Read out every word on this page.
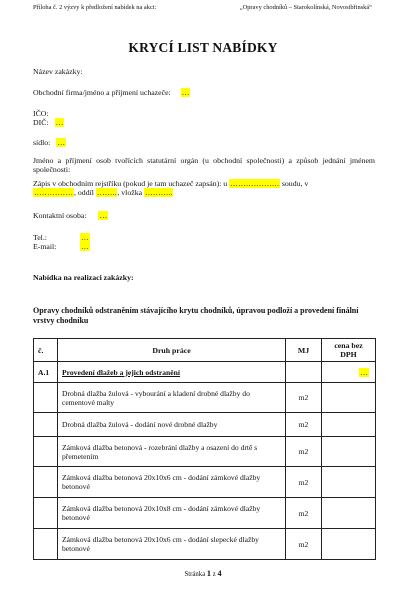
Příloha č. 2 výzvy k předložení nabídek na akci:	„Opravy chodníků – Starokolínská, Novosibřinská“
KRYCÍ LIST NABÍDKY
Název zakázky:
Obchodní firma/jméno a příjmení uchazeče: …
IČO:
DIČ: …
sídlo: …
Jméno a příjmení osob tvořících statutární orgán (u obchodní společnosti) a způsob jednání jménem společnosti:
Zápis v obchodním rejstříku (pokud je tam uchazeč zapsán): u ………………. soudu, v
……………, oddíl …….., vložka ………..
Kontaktní osoba: …
Tel.:	…
E-mail:	…
Nabídka na realizaci zakázky:
Opravy chodníků odstraněním stávajícího krytu chodníků, úpravou podloží a provedení finální vrstvy chodníku
č.	Druh práce	MJ	cena bez DPH
A.1	Provedení dlažeb a jejich odstranění		…
	Drobná dlažba žulová - vybourání a kladení drobné dlažby do cementové malty	m2	
	Drobná dlažba žulová - dodání nové drobné dlažby	m2	
	Zámková dlažba betonová - rozebrání dlažby a osazení do drtě s přemetením	m2	
	Zámková dlažba betonová 20x10x6 cm - dodání zámkové dlažby betonové	m2	
	Zámková dlažba betonová 20x10x8 cm - dodání zámkové dlažby betonové	m2	
	Zámková dlažba betonová 20x10x6 cm - dodání slepecké dlažby betonové	m2	
Stránka 1 z 4
